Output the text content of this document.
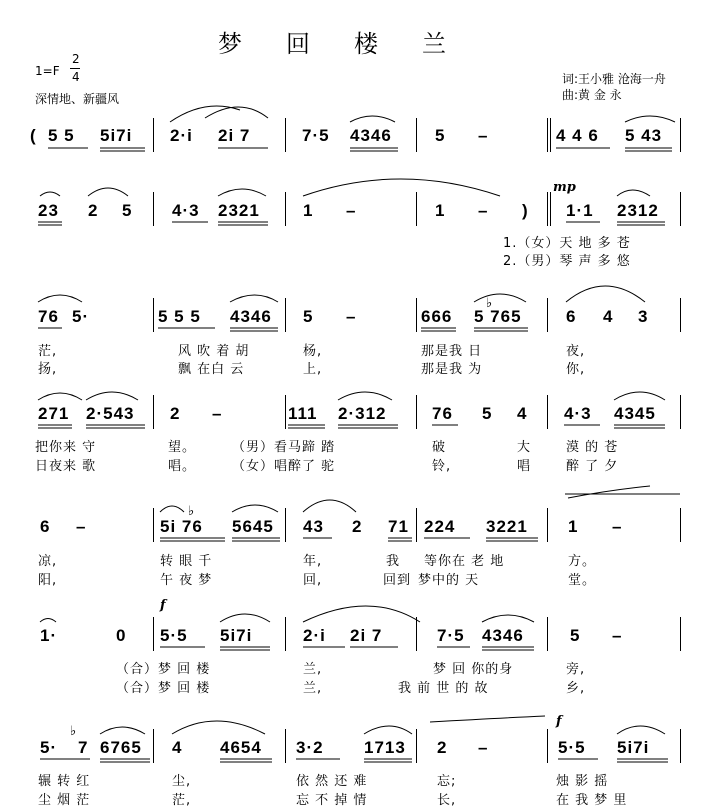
梦回楼兰
1=F
2
4
深情地、新疆风
词:王小雅 沧海一舟
曲:黄 金 永
( 5 5 5i7i 2·i 2i 7	7·5 4346	5 –	4 4 6 5 43
23 2 5 4·3 2321	1 –	1 – )
mp
1·1 2312
1.（女）天 地 多 苍
2.（男）琴 声 多 悠
76 5·	5 5 5 4346 5 –	666 5 765	6 4 3
茫,	风 吹 着 胡	杨,	那是我 日	夜,
扬,	飘 在白 云	上,	那是我 为	你,
271 2·543 2 –	111 2·312	76 5 4 4·3 4345
把你来 守	望。	（男）看马蹄 踏	破	大	漠 的 苍
日夜来 歌	唱。	（女）唱醉了 驼	铃,	唱	醉 了 夕
6 –	5i 76 5645 43 2 71 224 3221 1 –
凉,	转 眼 千	年,	我 等你在 老 地	方。
阳,	午 夜 梦	回,	回到 梦中的 天	堂。
1·	0
f
5·5 5i7i	2·i 2i 7	7·5 4346	5 –
（合）梦 回 楼	兰,	梦 回 你的身	旁,
（合）梦 回 楼	兰,	我 前 世 的 故	乡,
5· 7 6765 4 4654 3·2 1713 2 –
f
5·5 5i7i
辗 转 红	尘,	依 然 还 难	忘;	烛 影 摇
尘 烟 茫	茫,	忘 不 掉 情	长,	在 我 梦 里
♭
♭
♭
